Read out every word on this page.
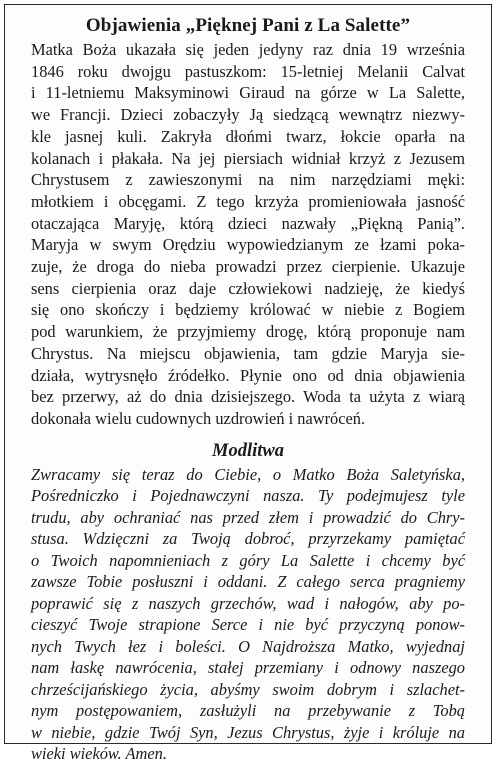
Objawienia „Pięknej Pani z La Salette”
Matka Boża ukazała się jeden jedyny raz dnia 19 września
1846 roku dwojgu pastuszkom: 15-letniej Melanii Calvat
i 11-letniemu Maksyminowi Giraud na górze w La Salette,
we Francji. Dzieci zobaczyły Ją siedzącą wewnątrz niezwy-
kle jasnej kuli. Zakryła dłońmi twarz, łokcie oparła na
kolanach i płakała. Na jej piersiach widniał krzyż z Jezusem
Chrystusem z zawieszonymi na nim narzędziami męki:
młotkiem i obcęgami. Z tego krzyża promieniowała jasność
otaczająca Maryję, którą dzieci nazwały „Piękną Panią”.
Maryja w swym Orędziu wypowiedzianym ze łzami poka-
zuje, że droga do nieba prowadzi przez cierpienie. Ukazuje
sens cierpienia oraz daje człowiekowi nadzieję, że kiedyś
się ono skończy i będziemy królować w niebie z Bogiem
pod warunkiem, że przyjmiemy drogę, którą proponuje nam
Chrystus. Na miejscu objawienia, tam gdzie Maryja sie-
działa, wytrysnęło źródełko. Płynie ono od dnia objawienia
bez przerwy, aż do dnia dzisiejszego. Woda ta użyta z wiarą
dokonała wielu cudownych uzdrowień i nawróceń.
Modlitwa
Zwracamy się teraz do Ciebie, o Matko Boża Saletyńska,
Pośredniczko i Pojednawczyni nasza. Ty podejmujesz tyle
trudu, aby ochraniać nas przed złem i prowadzić do Chry-
stusa. Wdzięczni za Twoją dobroć, przyrzekamy pamiętać
o Twoich napomnieniach z góry La Salette i chcemy być
zawsze Tobie posłuszni i oddani. Z całego serca pragniemy
poprawić się z naszych grzechów, wad i nałogów, aby po-
cieszyć Twoje strapione Serce i nie być przyczyną ponow-
nych Twych łez i boleści. O Najdroższa Matko, wyjednaj
nam łaskę nawrócenia, stałej przemiany i odnowy naszego
chrześcijańskiego życia, abyśmy swoim dobrym i szlachet-
nym postępowaniem, zasłużyli na przebywanie z Tobą
w niebie, gdzie Twój Syn, Jezus Chrystus, żyje i króluje na
wieki wieków. Amen.
